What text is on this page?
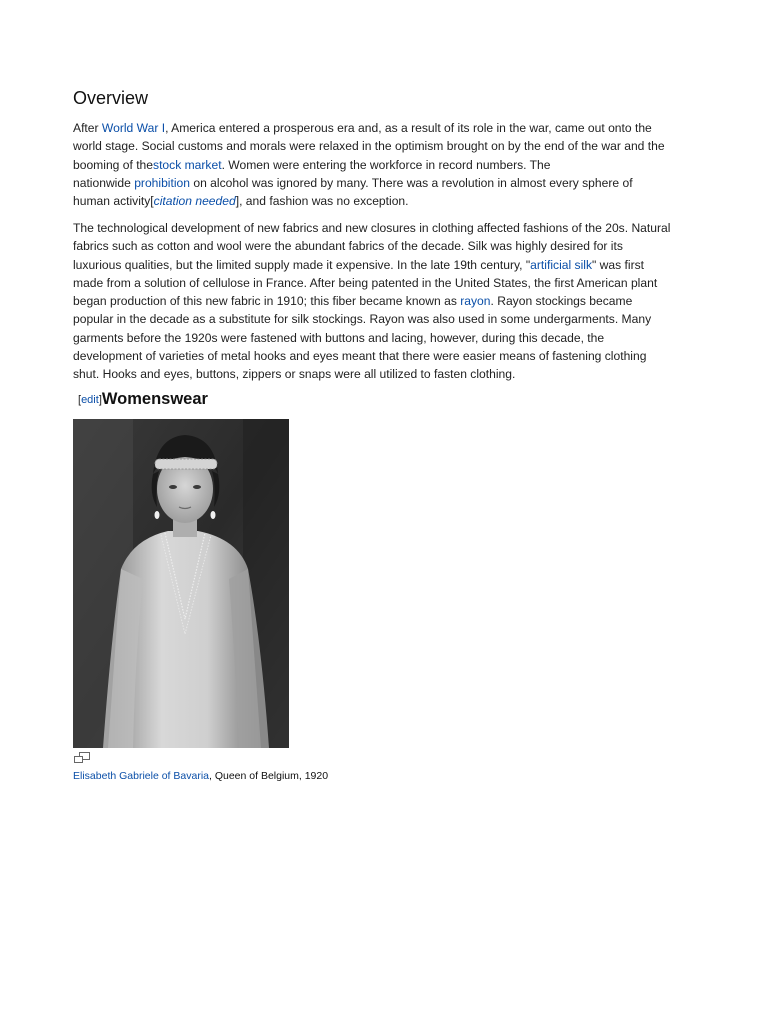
Overview

After World War I, America entered a prosperous era and, as a result of its role in the war, came out onto the
world stage. Social customs and morals were relaxed in the optimism brought on by the end of the war and the
booming of thestock market. Women were entering the workforce in record numbers. The
nationwide prohibition on alcohol was ignored by many. There was a revolution in almost every sphere of
human activity[citation needed], and fashion was no exception.

The technological development of new fabrics and new closures in clothing affected fashions of the 20s. Natural
fabrics such as cotton and wool were the abundant fabrics of the decade. Silk was highly desired for its
luxurious qualities, but the limited supply made it expensive. In the late 19th century, "artificial silk" was first
made from a solution of cellulose in France. After being patented in the United States, the first American plant
began production of this new fabric in 1910; this fiber became known as rayon. Rayon stockings became
popular in the decade as a substitute for silk stockings. Rayon was also used in some undergarments. Many
garments before the 1920s were fastened with buttons and lacing, however, during this decade, the
development of varieties of metal hooks and eyes meant that there were easier means of fastening clothing
shut. Hooks and eyes, buttons, zippers or snaps were all utilized to fasten clothing.

[edit]Womenswear
Elisabeth Gabriele of Bavaria, Queen of Belgium, 1920
